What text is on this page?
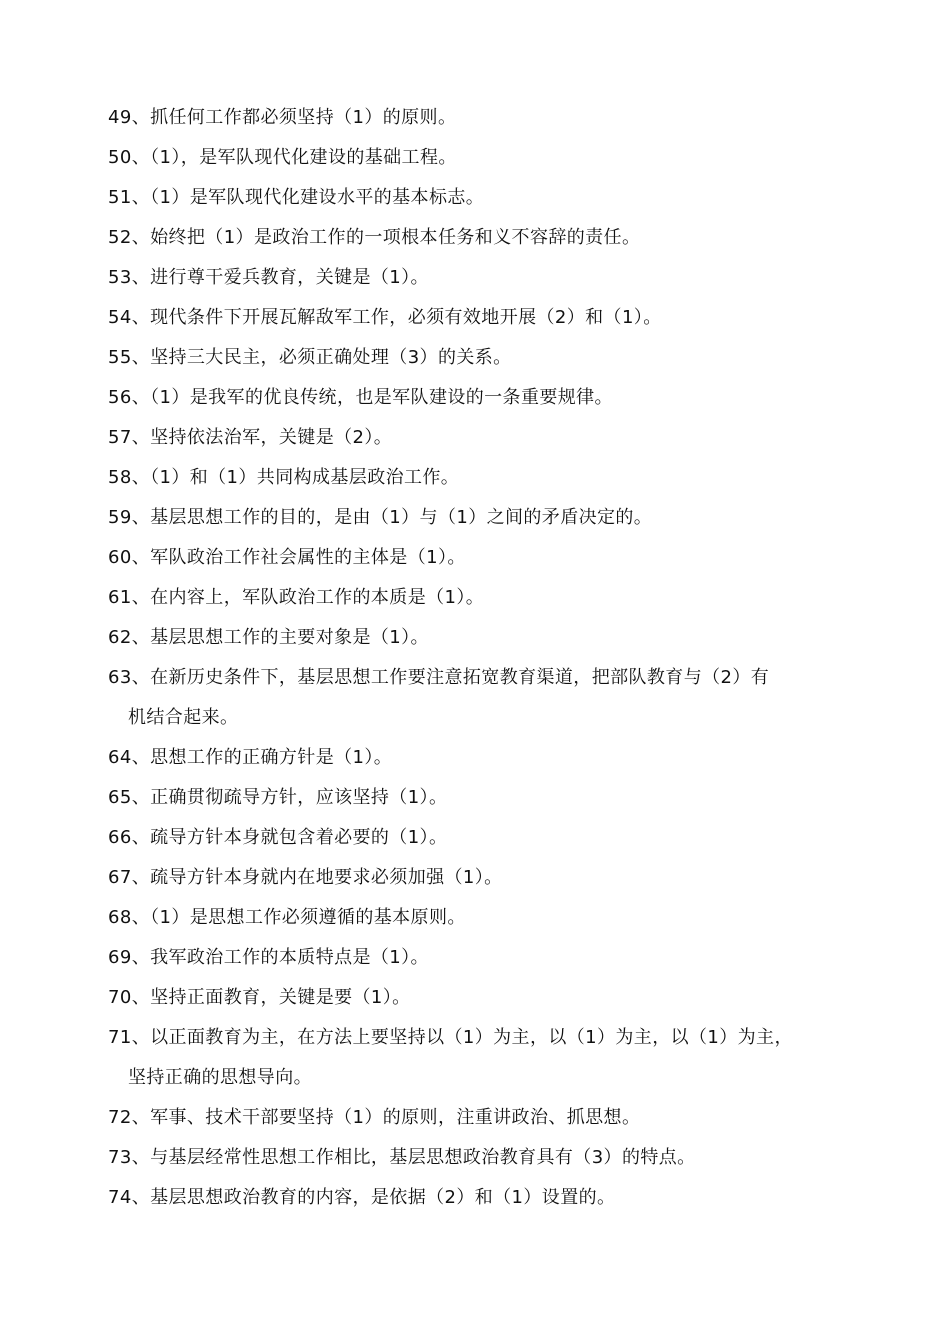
49、抓任何工作都必须坚持（1）的原则。
50、（1），是军队现代化建设的基础工程。
51、（1）是军队现代化建设水平的基本标志。
52、始终把（1）是政治工作的一项根本任务和义不容辞的责任。
53、进行尊干爱兵教育，关键是（1）。
54、现代条件下开展瓦解敌军工作，必须有效地开展（2）和（1）。
55、坚持三大民主，必须正确处理（3）的关系。
56、（1）是我军的优良传统，也是军队建设的一条重要规律。
57、坚持依法治军，关键是（2）。
58、（1）和（1）共同构成基层政治工作。
59、基层思想工作的目的，是由（1）与（1）之间的矛盾决定的。
60、军队政治工作社会属性的主体是（1）。
61、在内容上，军队政治工作的本质是（1）。
62、基层思想工作的主要对象是（1）。
63、在新历史条件下，基层思想工作要注意拓宽教育渠道，把部队教育与（2）有
机结合起来。
64、思想工作的正确方针是（1）。
65、正确贯彻疏导方针，应该坚持（1）。
66、疏导方针本身就包含着必要的（1）。
67、疏导方针本身就内在地要求必须加强（1）。
68、（1）是思想工作必须遵循的基本原则。
69、我军政治工作的本质特点是（1）。
70、坚持正面教育，关键是要（1）。
71、以正面教育为主，在方法上要坚持以（1）为主，以（1）为主，以（1）为主，
坚持正确的思想导向。
72、军事、技术干部要坚持（1）的原则，注重讲政治、抓思想。
73、与基层经常性思想工作相比，基层思想政治教育具有（3）的特点。
74、基层思想政治教育的内容，是依据（2）和（1）设置的。
